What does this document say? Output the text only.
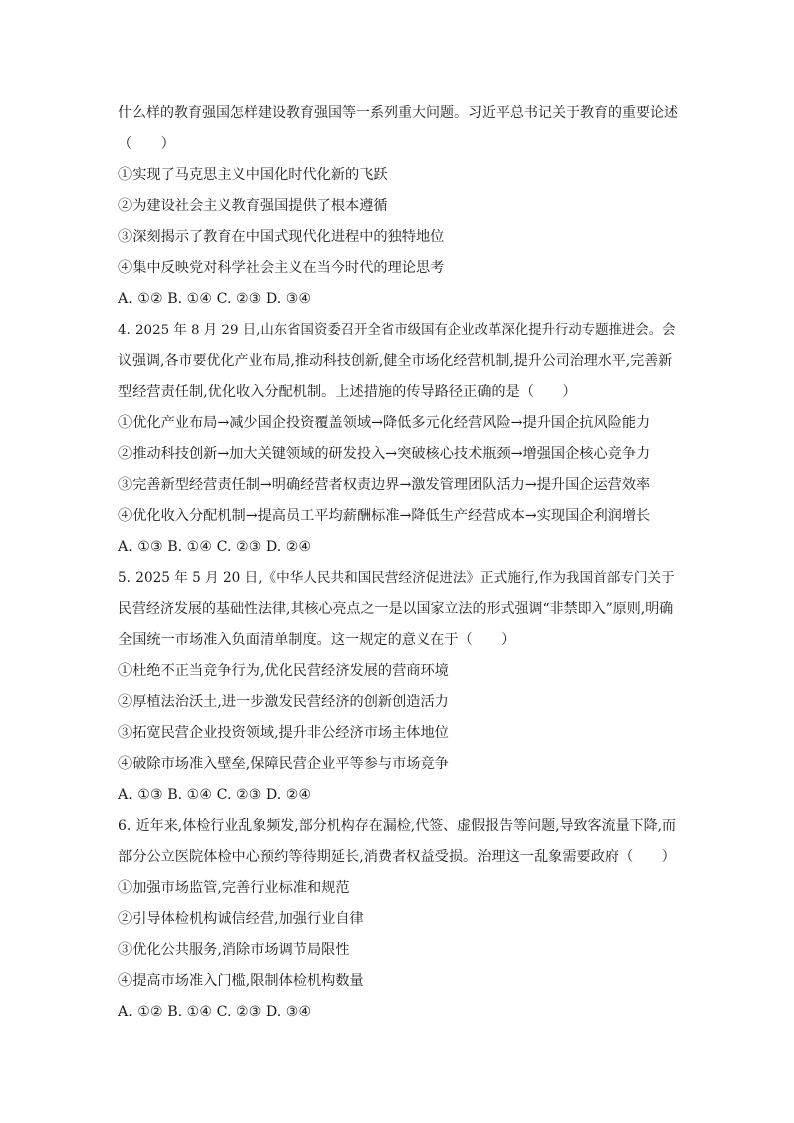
什么样的教育强国怎样建设教育强国等一系列重大问题。习近平总书记关于教育的重要论述
（　　）
①实现了马克思主义中国化时代化新的飞跃
②为建设社会主义教育强国提供了根本遵循
③深刻揭示了教育在中国式现代化进程中的独特地位
④集中反映党对科学社会主义在当今时代的理论思考
A. ①② B. ①④ C. ②③ D. ③④
4. 2025 年 8 月 29 日,山东省国资委召开全省市级国有企业改革深化提升行动专题推进会。会
议强调,各市要优化产业布局,推动科技创新,健全市场化经营机制,提升公司治理水平,完善新
型经营责任制,优化收入分配机制。上述措施的传导路径正确的是（　　）
①优化产业布局→减少国企投资覆盖领域→降低多元化经营风险→提升国企抗风险能力
②推动科技创新→加大关键领域的研发投入→突破核心技术瓶颈→增强国企核心竞争力
③完善新型经营责任制→明确经营者权责边界→激发管理团队活力→提升国企运营效率
④优化收入分配机制→提高员工平均薪酬标准→降低生产经营成本→实现国企利润增长
A. ①③ B. ①④ C. ②③ D. ②④
5. 2025 年 5 月 20 日,《中华人民共和国民营经济促进法》正式施行,作为我国首部专门关于
民营经济发展的基础性法律,其核心亮点之一是以国家立法的形式强调“非禁即入”原则,明确
全国统一市场准入负面清单制度。这一规定的意义在于（　　）
①杜绝不正当竞争行为,优化民营经济发展的营商环境
②厚植法治沃土,进一步激发民营经济的创新创造活力
③拓宽民营企业投资领域,提升非公经济市场主体地位
④破除市场准入壁垒,保障民营企业平等参与市场竞争
A. ①③ B. ①④ C. ②③ D. ②④
6. 近年来,体检行业乱象频发,部分机构存在漏检,代签、虚假报告等问题,导致客流量下降,而
部分公立医院体检中心预约等待期延长,消费者权益受损。治理这一乱象需要政府（　　）
①加强市场监管,完善行业标准和规范
②引导体检机构诚信经营,加强行业自律
③优化公共服务,消除市场调节局限性
④提高市场准入门槛,限制体检机构数量
A. ①② B. ①④ C. ②③ D. ③④
